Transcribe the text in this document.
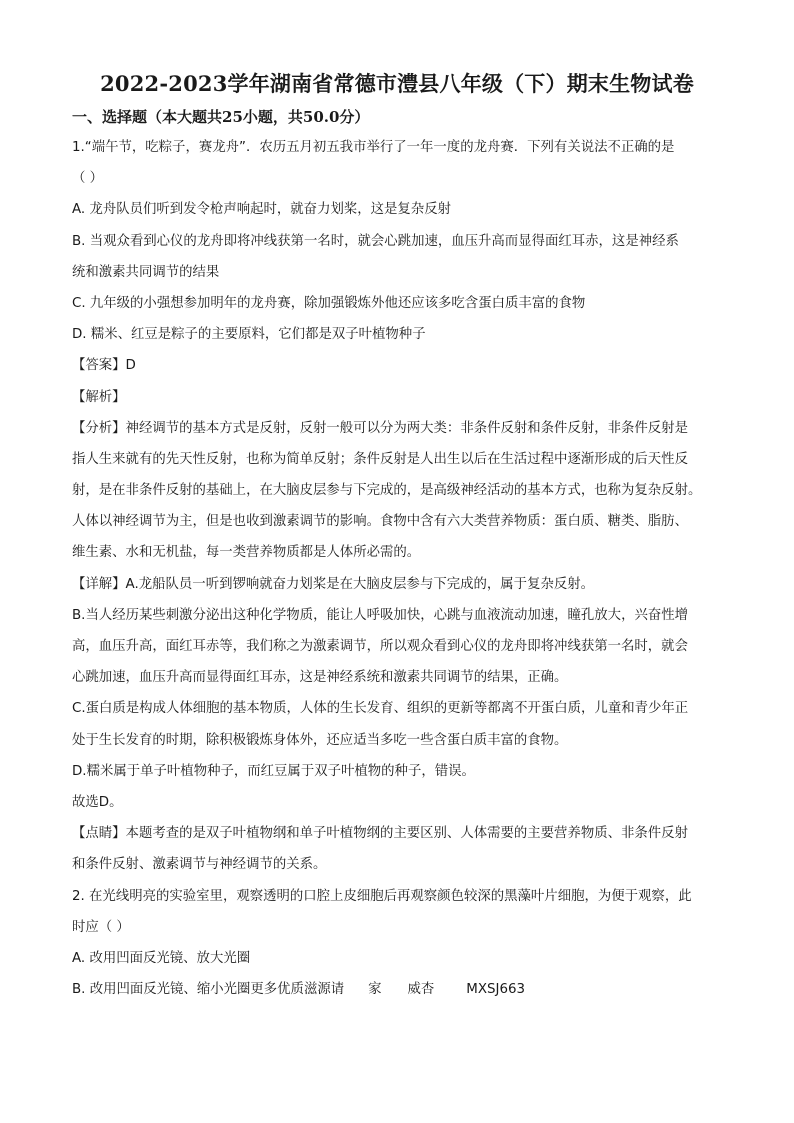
2022-2023学年湖南省常德市澧县八年级（下）期末生物试卷
一、选择题（本大题共25小题，共50.0分）
1.“端午节，吃粽子，赛龙舟”．农历五月初五我市举行了一年一度的龙舟赛．下列有关说法不正确的是
（ ）
A. 龙舟队员们听到发令枪声响起时，就奋力划桨，这是复杂反射
B. 当观众看到心仪的龙舟即将冲线获第一名时，就会心跳加速，血压升高而显得面红耳赤，这是神经系
统和激素共同调节的结果
C. 九年级的小强想参加明年的龙舟赛，除加强锻炼外他还应该多吃含蛋白质丰富的食物
D. 糯米、红豆是粽子的主要原料，它们都是双子叶植物种子
【答案】D
【解析】
【分析】神经调节的基本方式是反射，反射一般可以分为两大类：非条件反射和条件反射，非条件反射是
指人生来就有的先天性反射，也称为简单反射；条件反射是人出生以后在生活过程中逐渐形成的后天性反
射，是在非条件反射的基础上，在大脑皮层参与下完成的，是高级神经活动的基本方式，也称为复杂反射。
人体以神经调节为主，但是也收到激素调节的影响。食物中含有六大类营养物质：蛋白质、糖类、脂肪、
维生素、水和无机盐，每一类营养物质都是人体所必需的。
【详解】A.龙船队员一听到锣响就奋力划桨是在大脑皮层参与下完成的，属于复杂反射。
B.当人经历某些刺激分泌出这种化学物质，能让人呼吸加快，心跳与血液流动加速，瞳孔放大，兴奋性增
高，血压升高，面红耳赤等，我们称之为激素调节，所以观众看到心仪的龙舟即将冲线获第一名时，就会
心跳加速，血压升高而显得面红耳赤，这是神经系统和激素共同调节的结果，正确。
C.蛋白质是构成人体细胞的基本物质，人体的生长发育、组织的更新等都离不开蛋白质，儿童和青少年正
处于生长发育的时期，除积极锻炼身体外，还应适当多吃一些含蛋白质丰富的食物。
D.糯米属于单子叶植物种子，而红豆属于双子叶植物的种子，错误。
故选D。
【点睛】本题考查的是双子叶植物纲和单子叶植物纲的主要区别、人体需要的主要营养物质、非条件反射
和条件反射、激素调节与神经调节的关系。
2. 在光线明亮的实验室里，观察透明的口腔上皮细胞后再观察颜色较深的黑藻叶片细胞，为便于观察，此
时应（ ）
A. 改用凹面反光镜、放大光圈
B. 改用凹面反光镜、缩小光圈更多优质滋源请 家 威杏 MXSJ663
